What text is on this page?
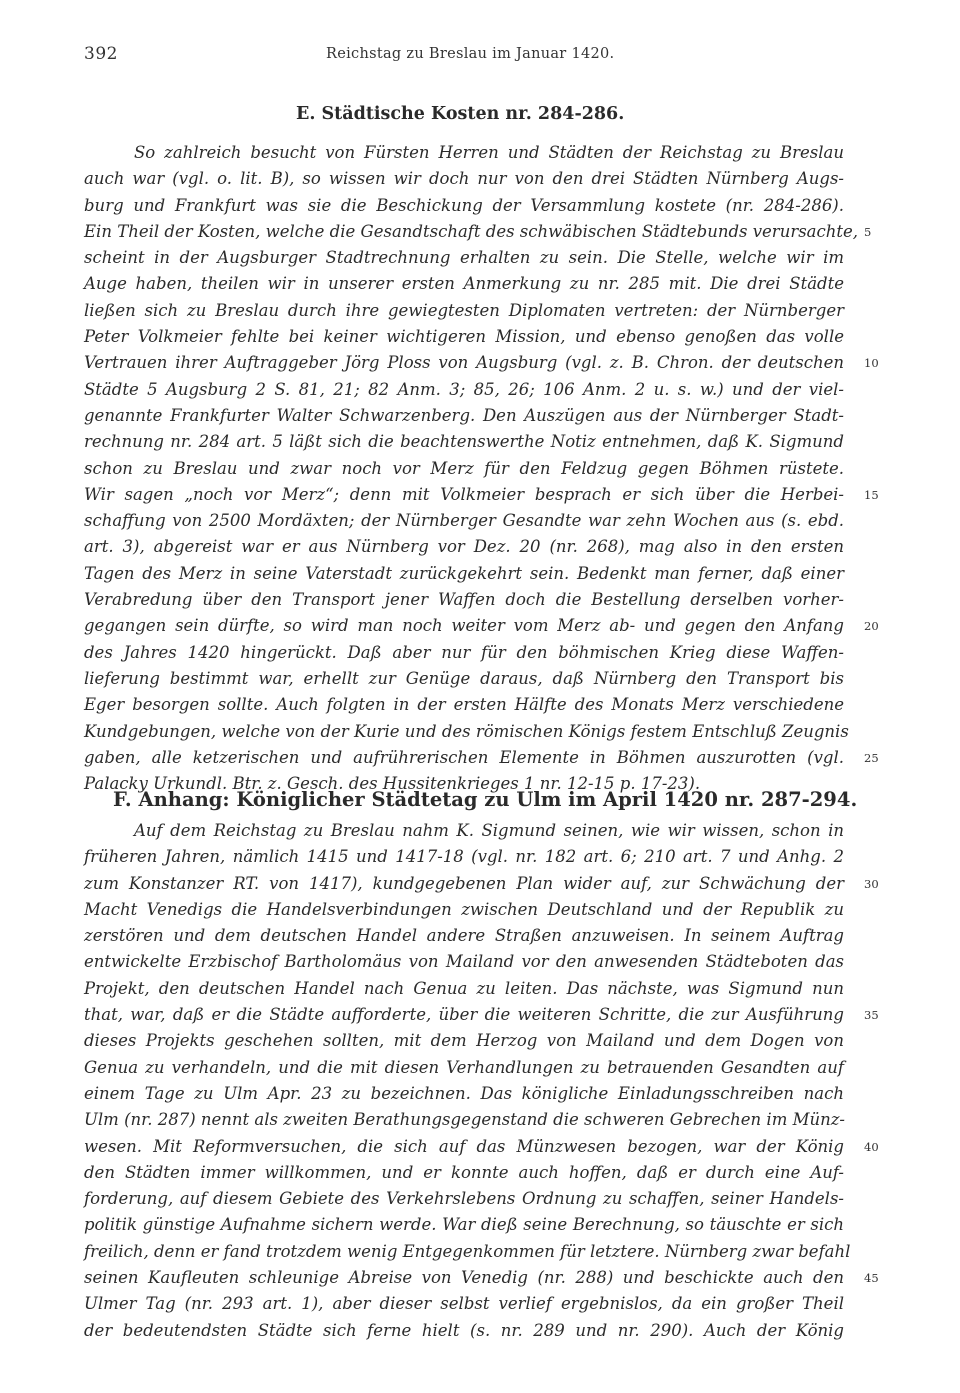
392	Reichstag zu Breslau im Januar 1420.
E. Städtische Kosten nr. 284-286.
So zahlreich besucht von Fürsten Herren und Städten der Reichstag zu Breslau
auch war (vgl. o. lit. B), so wissen wir doch nur von den drei Städten Nürnberg Augs-
burg und Frankfurt was sie die Beschickung der Versammlung kostete (nr. 284-286).
Ein Theil der Kosten, welche die Gesandtschaft des schwäbischen Städtebunds verursachte, 5
scheint in der Augsburger Stadtrechnung erhalten zu sein. Die Stelle, welche wir im
Auge haben, theilen wir in unserer ersten Anmerkung zu nr. 285 mit. Die drei Städte
ließen sich zu Breslau durch ihre gewiegtesten Diplomaten vertreten: der Nürnberger
Peter Volkmeier fehlte bei keiner wichtigeren Mission, und ebenso genoßen das volle
Vertrauen ihrer Auftraggeber Jörg Ploss von Augsburg (vgl. z. B. Chron. der deutschen 10
Städte 5 Augsburg 2 S. 81, 21; 82 Anm. 3; 85, 26; 106 Anm. 2 u. s. w.) und der viel-
genannte Frankfurter Walter Schwarzenberg. Den Auszügen aus der Nürnberger Stadt-
rechnung nr. 284 art. 5 läßt sich die beachtenswerthe Notiz entnehmen, daß K. Sigmund
schon zu Breslau und zwar noch vor Merz für den Feldzug gegen Böhmen rüstete.
Wir sagen „noch vor Merz“; denn mit Volkmeier besprach er sich über die Herbei- 15
schaffung von 2500 Mordäxten; der Nürnberger Gesandte war zehn Wochen aus (s. ebd.
art. 3), abgereist war er aus Nürnberg vor Dez. 20 (nr. 268), mag also in den ersten
Tagen des Merz in seine Vaterstadt zurückgekehrt sein. Bedenkt man ferner, daß einer
Verabredung über den Transport jener Waffen doch die Bestellung derselben vorher-
gegangen sein dürfte, so wird man noch weiter vom Merz ab- und gegen den Anfang 20
des Jahres 1420 hingerückt. Daß aber nur für den böhmischen Krieg diese Waffen-
lieferung bestimmt war, erhellt zur Genüge daraus, daß Nürnberg den Transport bis
Eger besorgen sollte. Auch folgten in der ersten Hälfte des Monats Merz verschiedene
Kundgebungen, welche von der Kurie und des römischen Königs festem Entschluß Zeugnis
gaben, alle ketzerischen und aufrührerischen Elemente in Böhmen auszurotten (vgl. 25
Palacky Urkundl. Btr. z. Gesch. des Hussitenkrieges 1 nr. 12-15 p. 17-23).
F. Anhang: Königlicher Städtetag zu Ulm im April 1420 nr. 287-294.
Auf dem Reichstag zu Breslau nahm K. Sigmund seinen, wie wir wissen, schon in
früheren Jahren, nämlich 1415 und 1417-18 (vgl. nr. 182 art. 6; 210 art. 7 und Anhg. 2
zum Konstanzer RT. von 1417), kundgegebenen Plan wider auf, zur Schwächung der 30
Macht Venedigs die Handelsverbindungen zwischen Deutschland und der Republik zu
zerstören und dem deutschen Handel andere Straßen anzuweisen. In seinem Auftrag
entwickelte Erzbischof Bartholomäus von Mailand vor den anwesenden Städteboten das
Projekt, den deutschen Handel nach Genua zu leiten. Das nächste, was Sigmund nun
that, war, daß er die Städte aufforderte, über die weiteren Schritte, die zur Ausführung 35
dieses Projekts geschehen sollten, mit dem Herzog von Mailand und dem Dogen von
Genua zu verhandeln, und die mit diesen Verhandlungen zu betrauenden Gesandten auf
einem Tage zu Ulm Apr. 23 zu bezeichnen. Das königliche Einladungsschreiben nach
Ulm (nr. 287) nennt als zweiten Berathungsgegenstand die schweren Gebrechen im Münz-
wesen. Mit Reformversuchen, die sich auf das Münzwesen bezogen, war der König 40
den Städten immer willkommen, und er konnte auch hoffen, daß er durch eine Auf-
forderung, auf diesem Gebiete des Verkehrslebens Ordnung zu schaffen, seiner Handels-
politik günstige Aufnahme sichern werde. War dieß seine Berechnung, so täuschte er sich
freilich, denn er fand trotzdem wenig Entgegenkommen für letztere. Nürnberg zwar befahl
seinen Kaufleuten schleunige Abreise von Venedig (nr. 288) und beschickte auch den 45
Ulmer Tag (nr. 293 art. 1), aber dieser selbst verlief ergebnislos, da ein großer Theil
der bedeutendsten Städte sich ferne hielt (s. nr. 289 und nr. 290). Auch der König
